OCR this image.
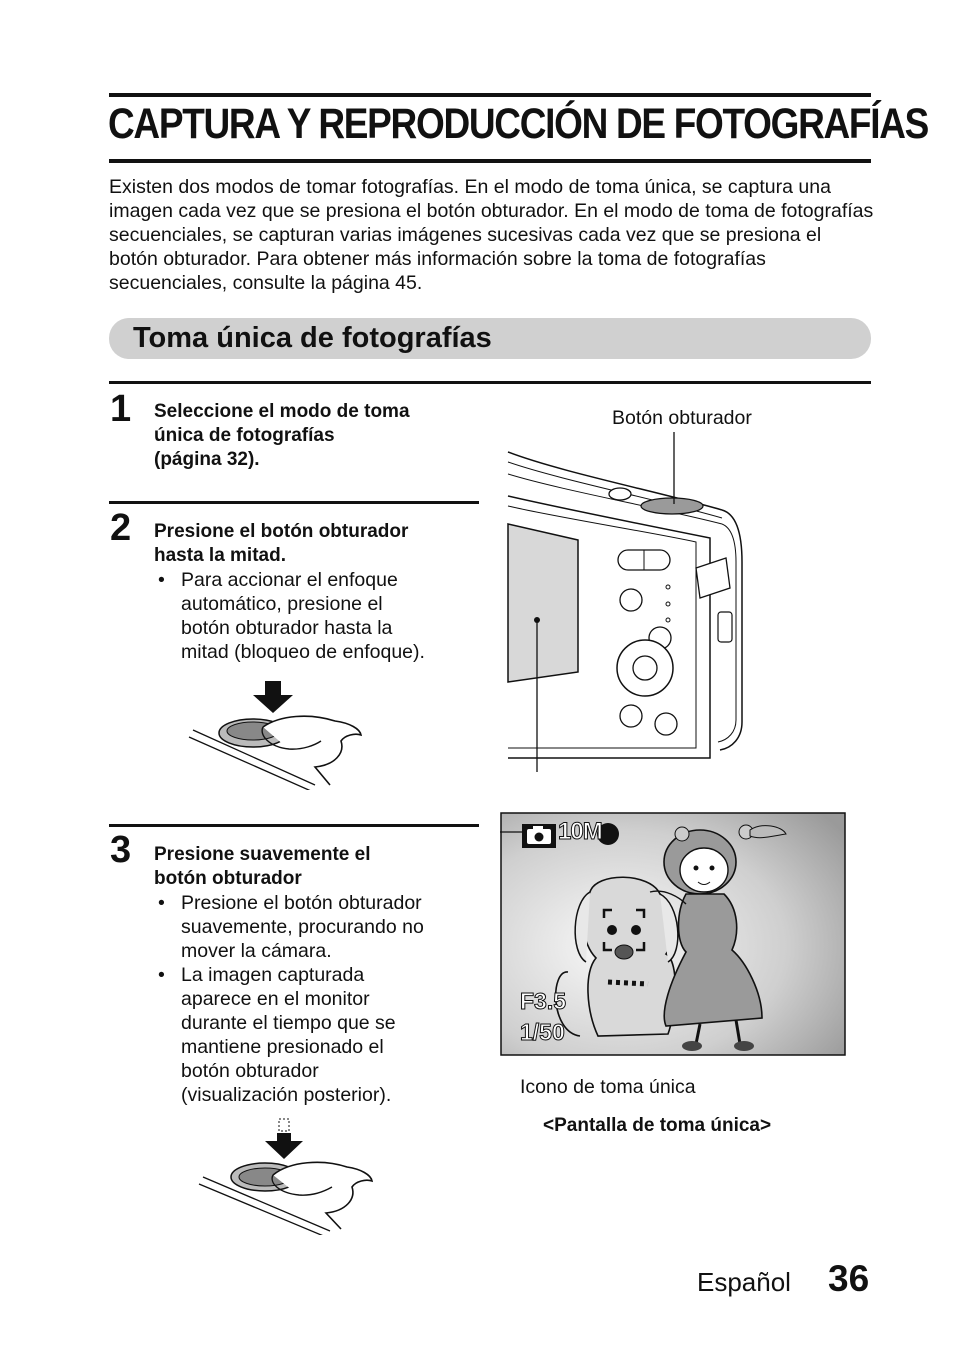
CAPTURA Y REPRODUCCIÓN DE FOTOGRAFÍAS

Existen dos modos de tomar fotografías. En el modo de toma única, se captura una imagen cada vez que se presiona el botón obturador. En el modo de toma de fotografías secuenciales, se capturan varias imágenes sucesivas cada vez que se presiona el botón obturador. Para obtener más información sobre la toma de fotografías secuenciales, consulte la página 45.

Toma única de fotografías
1 Seleccione el modo de toma

única de fotografías

(página 32).

2 Presione el botón obturador

hasta la mitad.

• Para accionar el enfoque
automático, presione el
botón obturador hasta la
mitad (bloqueo de enfoque).
3 Presione suavemente el

botón obturador

• Presione el botón obturador
suavemente, procurando no
mover la cámara.
• La imagen capturada
aparece en el monitor
durante el tiempo que se
mantiene presionado el
botón obturador
(visualización posterior).
Botón obturador
10M
F3.5
1/50
Icono de toma única
<Pantalla de toma única>
Español 36
